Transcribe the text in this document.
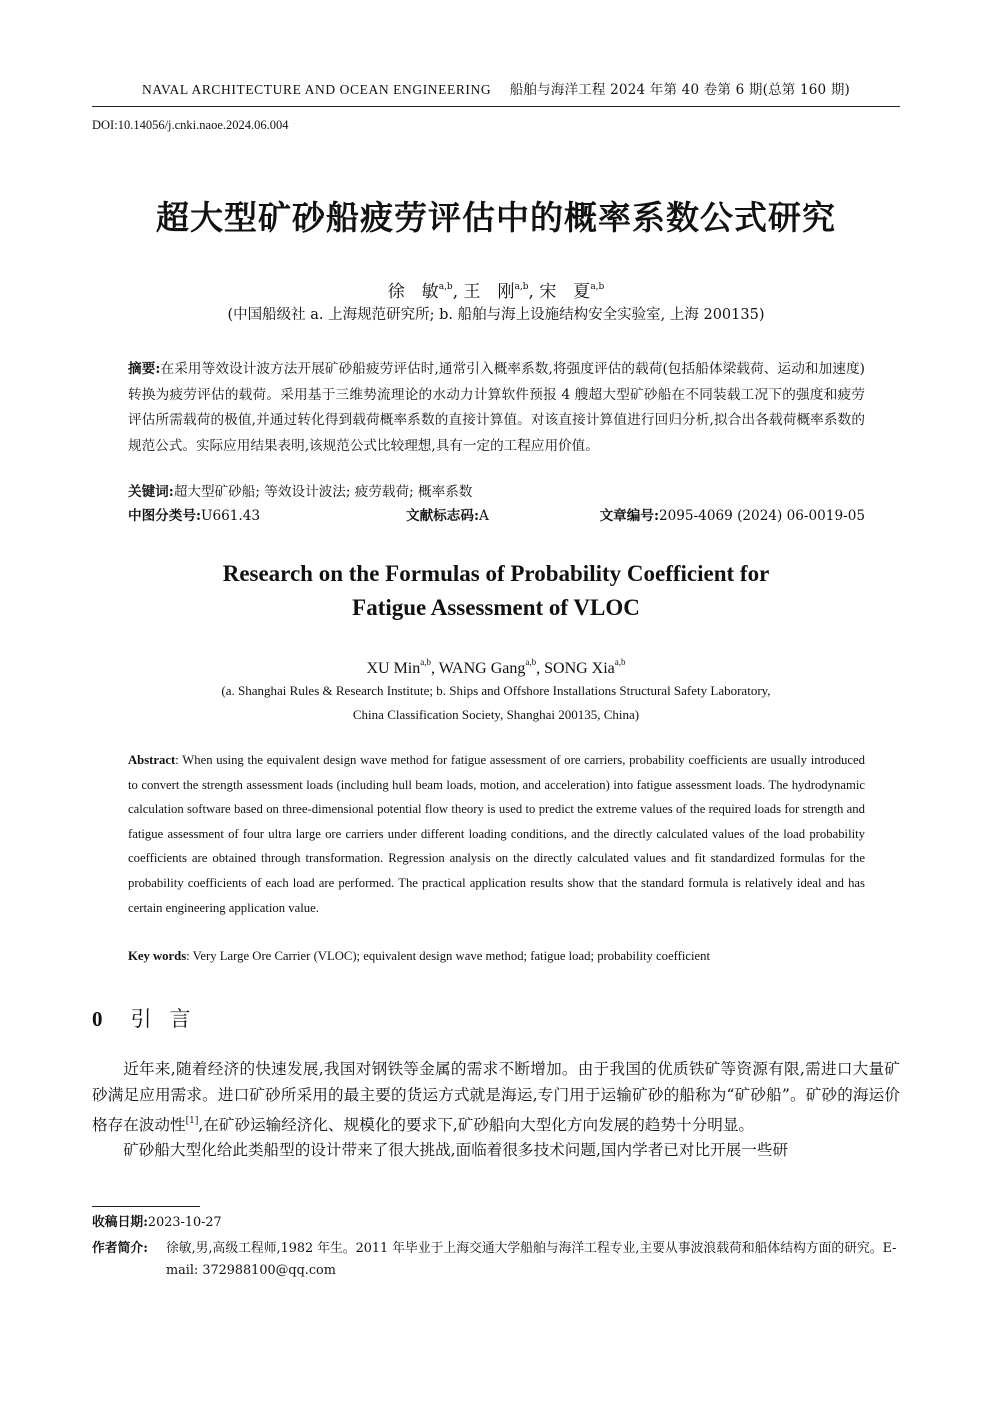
NAVAL ARCHITECTURE AND OCEAN ENGINEERING 船舶与海洋工程 2024 年第 40 卷第 6 期(总第 160 期)
DOI:10.14056/j.cnki.naoe.2024.06.004
超大型矿砂船疲劳评估中的概率系数公式研究
徐　敏$^{a,b}$, 王　刚$^{a,b}$, 宋　夏$^{a,b}$
(中国船级社 a. 上海规范研究所; b. 船舶与海上设施结构安全实验室, 上海 200135)
摘要:在采用等效设计波方法开展矿砂船疲劳评估时,通常引入概率系数,将强度评估的载荷(包括船体梁载荷、运动和加速度)转换为疲劳评估的载荷。采用基于三维势流理论的水动力计算软件预报 4 艘超大型矿砂船在不同装载工况下的强度和疲劳评估所需载荷的极值,并通过转化得到载荷概率系数的直接计算值。对该直接计算值进行回归分析,拟合出各载荷概率系数的规范公式。实际应用结果表明,该规范公式比较理想,具有一定的工程应用价值。
关键词:超大型矿砂船; 等效设计波法; 疲劳载荷; 概率系数
中图分类号:U661.43	文献标志码:A	文章编号:2095-4069 (2024) 06-0019-05
Research on the Formulas of Probability Coefficient for
Fatigue Assessment of VLOC
XU Min$^{a,b}$, WANG Gang$^{a,b}$, SONG Xia$^{a,b}$
(a. Shanghai Rules & Research Institute; b. Ships and Offshore Installations Structural Safety Laboratory,
China Classification Society, Shanghai 200135, China)
Abstract: When using the equivalent design wave method for fatigue assessment of ore carriers, probability coefficients are usually introduced to convert the strength assessment loads (including hull beam loads, motion, and acceleration) into fatigue assessment loads. The hydrodynamic calculation software based on three-dimensional potential flow theory is used to predict the extreme values of the required loads for strength and fatigue assessment of four ultra large ore carriers under different loading conditions, and the directly calculated values of the load probability coefficients are obtained through transformation. Regression analysis on the directly calculated values and fit standardized formulas for the probability coefficients of each load are performed. The practical application results show that the standard formula is relatively ideal and has certain engineering application value.
Key words: Very Large Ore Carrier (VLOC); equivalent design wave method; fatigue load; probability coefficient
0 引言

近年来,随着经济的快速发展,我国对钢铁等金属的需求不断增加。由于我国的优质铁矿等资源有限,需进口大量矿砂满足应用需求。进口矿砂所采用的最主要的货运方式就是海运,专门用于运输矿砂的船称为“矿砂船”。矿砂的海运价格存在波动性[1],在矿砂运输经济化、规模化的要求下,矿砂船向大型化方向发展的趋势十分明显。

矿砂船大型化给此类船型的设计带来了很大挑战,面临着很多技术问题,国内学者已对比开展一些研

收稿日期:2023-10-27
作者简介:	徐敏,男,高级工程师,1982 年生。2011 年毕业于上海交通大学船舶与海洋工程专业,主要从事波浪载荷和船体结构方面的研究。E-mail: 372988100@qq.com
